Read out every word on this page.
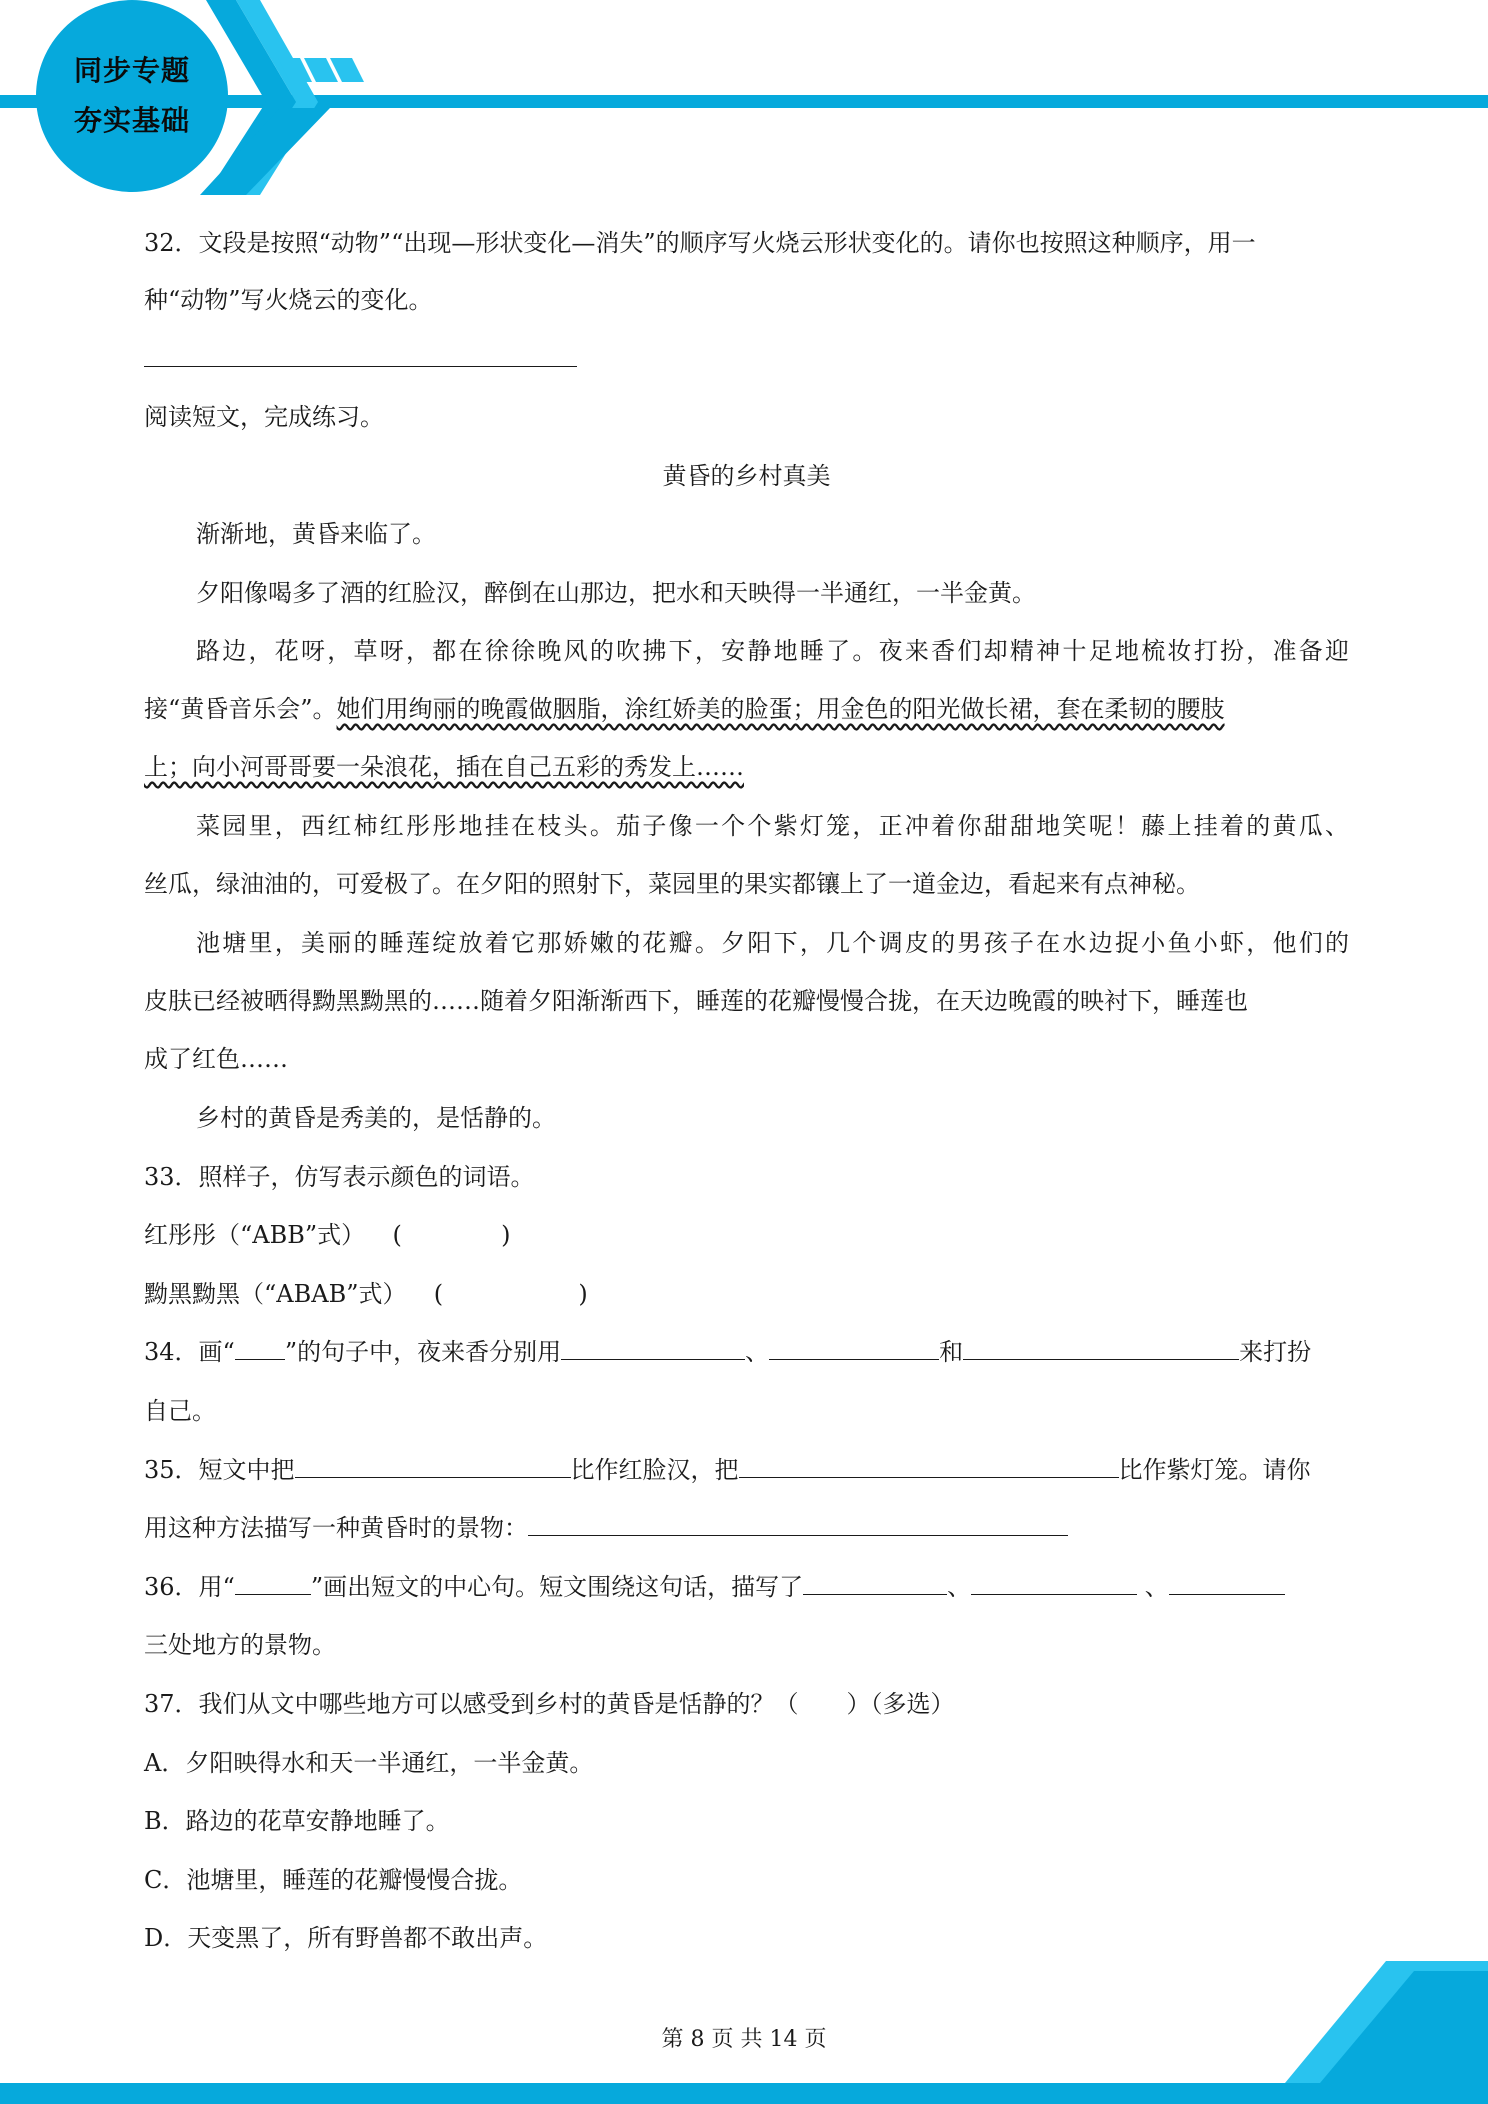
同步专题
夯实基础
32．文段是按照“动物”“出现—形状变化—消失”的顺序写火烧云形状变化的。请你也按照这种顺序，用一
种“动物”写火烧云的变化。
阅读短文，完成练习。
黄昏的乡村真美
渐渐地，黄昏来临了。
夕阳像喝多了酒的红脸汉，醉倒在山那边，把水和天映得一半通红，一半金黄。
路边，花呀，草呀，都在徐徐晚风的吹拂下，安静地睡了。夜来香们却精神十足地梳妆打扮，准备迎
接“黄昏音乐会”。她们用绚丽的晚霞做胭脂，涂红娇美的脸蛋；用金色的阳光做长裙，套在柔韧的腰肢
上；向小河哥哥要一朵浪花，插在自己五彩的秀发上……
菜园里，西红柿红彤彤地挂在枝头。茄子像一个个紫灯笼，正冲着你甜甜地笑呢！藤上挂着的黄瓜、
丝瓜，绿油油的，可爱极了。在夕阳的照射下，菜园里的果实都镶上了一道金边，看起来有点神秘。
池塘里，美丽的睡莲绽放着它那娇嫩的花瓣。夕阳下，几个调皮的男孩子在水边捉小鱼小虾，他们的
皮肤已经被晒得黝黑黝黑的……随着夕阳渐渐西下，睡莲的花瓣慢慢合拢，在天边晚霞的映衬下，睡莲也
成了红色……
乡村的黄昏是秀美的，是恬静的。
33．照样子，仿写表示颜色的词语。
红彤彤（“ABB”式） (	)
黝黑黝黑（“ABAB”式） (	)
34．画“ ”的句子中，夜来香分别用	、	和	来打扮
自己。
35．短文中把	比作红脸汉，把	比作紫灯笼。请你
用这种方法描写一种黄昏时的景物：
36．用“	”画出短文的中心句。短文围绕这句话，描写了	、	、
三处地方的景物。
37．我们从文中哪些地方可以感受到乡村的黄昏是恬静的？（　　）（多选）
A．夕阳映得水和天一半通红，一半金黄。
B．路边的花草安静地睡了。
C．池塘里，睡莲的花瓣慢慢合拢。
D．天变黑了，所有野兽都不敢出声。
第 8 页 共 14 页
